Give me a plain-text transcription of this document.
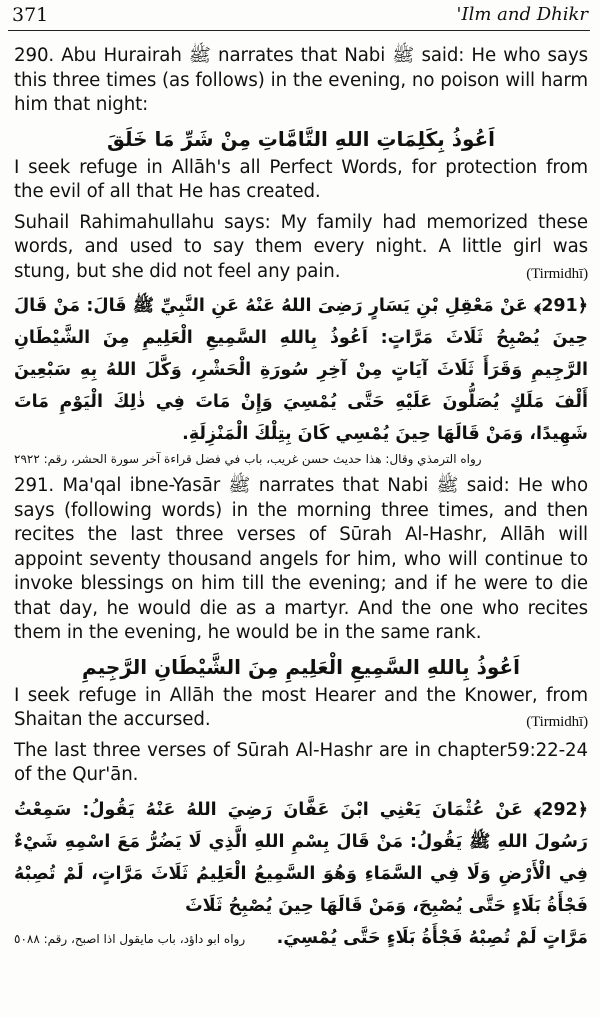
371	'Ilm and Dhikr

290. Abu Hurairah ﷺ narrates that Nabi ﷺ said: He who says this three times (as follows) in the evening, no poison will harm him that night:

اَعُوذُ بِكَلِمَاتِ اللهِ التَّامَّاتِ مِنْ شَرِّ مَا خَلَقَ

I seek refuge in Allāh's all Perfect Words, for protection from the evil of all that He has created.

Suhail Rahimahullahu says: My family had memorized these words, and used to say them every night. A little girl was stung, but she did not feel any pain.	(Tirmidhī)

﴿291﴾ عَنْ مَعْقِلِ بْنِ يَسَارٍ رَضِىَ اللهُ عَنْهُ عَنِ النَّبِيِّ ﷺ قَالَ: مَنْ قَالَ حِينَ يُصْبِحُ ثَلَاثَ مَرَّاتٍ: اَعُوذُ بِاللهِ السَّمِيعِ الْعَلِيمِ مِنَ الشَّيْطَانِ الرَّجِيمِ وَقَرَأَ ثَلَاثَ آيَاتٍ مِنْ آخِرِ سُورَةِ الْحَشْرِ، وَكَّلَ اللهُ بِهِ سَبْعِينَ أَلْفَ مَلَكٍ يُصَلُّونَ عَلَيْهِ حَتَّى يُمْسِيَ وَإِنْ مَاتَ فِي ذٰلِكَ الْيَوْمِ مَاتَ شَهِيدًا، وَمَنْ قَالَهَا حِينَ يُمْسِي كَانَ بِتِلْكَ الْمَنْزِلَةِ.
رواه الترمذي وقال: هذا حديث حسن غريب، باب في فضل قراءة آخر سورة الحشر، رقم: ٢٩٢٢

291. Ma'qal ibne-Yasār ﷺ narrates that Nabi ﷺ said: He who says (following words) in the morning three times, and then recites the last three verses of Sūrah Al-Hashr, Allāh will appoint seventy thousand angels for him, who will continue to invoke blessings on him till the evening; and if he were to die that day, he would die as a martyr. And the one who recites them in the evening, he would be in the same rank.

اَعُوذُ بِاللهِ السَّمِيعِ الْعَلِيمِ مِنَ الشَّيْطَانِ الرَّجِيمِ

I seek refuge in Allāh the most Hearer and the Knower, from Shaitan the accursed.	(Tirmidhī)

The last three verses of Sūrah Al-Hashr are in chapter59:22-24 of the Qur'ān.

﴿292﴾ عَنْ عُثْمَانَ يَعْنِي ابْنَ عَفَّانَ رَضِيَ اللهُ عَنْهُ يَقُولُ: سَمِعْتُ رَسُولَ اللهِ ﷺ يَقُولُ: مَنْ قَالَ بِسْمِ اللهِ الَّذِي لَا يَضُرُّ مَعَ اسْمِهِ شَيْءٌ فِي الْأَرْضِ وَلَا فِي السَّمَاءِ وَهُوَ السَّمِيعُ الْعَلِيمُ ثَلَاثَ مَرَّاتٍ، لَمْ تُصِبْهُ فَجْأَةُ بَلَاءٍ حَتَّى يُصْبِحَ، وَمَنْ قَالَهَا حِينَ يُصْبِحُ ثَلَاثَ
مَرَّاتٍ لَمْ تُصِبْهُ فَجْأَةُ بَلَاءٍ حَتَّى يُمْسِيَ.
رواه ابو داؤد، باب مايقول اذا اصبح، رقم: ٥٠٨٨
